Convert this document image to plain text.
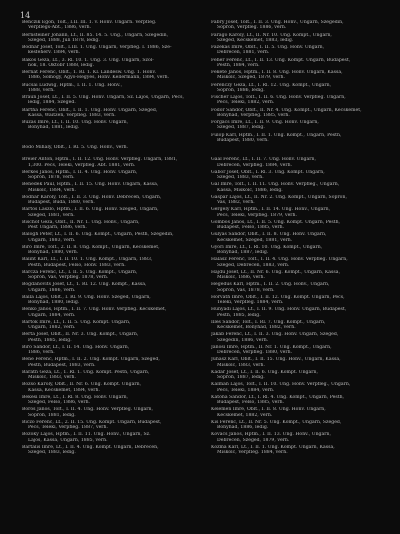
14
Benczik Egon, Tolt., I.II. III. 1. v. Honv. Ungarn. Verpfleg.
Verpflegs-Abt., 1886, verh.
Bernsteiner Johann, Lt., II. 85. 14. 5. Ung., Ungarn, Szegedin,
Szeged, 1888, Juli 1878, ledig.
Bodnár Josef, Tolt., I.III. 1. Ung. Ungarn, Verpfleg. I. 1886, Sze-
kesfeherv. 1884, verh.
Bakos Géza, Lt., 3. Rl. 10. 1. Ung. 3. Ung. Ungarn, Szol-
nok, 18. Oktobr 1888, ledig.
Bernat Ferenc, Oblt., 1. Rl. 1. Kl. Landesw. Ung. 1. Honv.
1886, Somogy, Agyo-Hegyes, Honv. Kellermann, 1884, verh.
Bucsai Ludwig, Hptm., I. II. 1. Ung. Honv.,
1888, verh.
Braun Josef, Lt., I. II. 5. Ung. Honv. Ungarn, Sz. Lajos, Ungarn, Pecs,
ledig, 1884, Szeged.
Bartha Ferenc, Oblt., I. II. 1. Ung. Honv. Ungarn, Szeged,
Kassa, Waitzen, Verpfleg. 1883, verh.
Buzás Imre, Lt., I. II. 10. Ung. Honv. Ungarn,
Bonyhad, 1881, ledig.
Bodó Mihály, Oblt., I. Rl. 5. Ung. Honv., verh.
Breier Anton, Hptm., I. II. 12. Ung. Honv. Verpfleg. Ungarn, 1881,
1,300. Pecs, Teleki, Verpfleg. Abt. 1881, verh.
Berkes János, Hptm., I. II. 4. Ung. Honv. Ungarn,
Sopron, 1878, verh.
Benedek Paul, Hptm., I. II. 15. Ung. Honv. Ungarn, Kassa,
Miskolc, 1884, verh.
Bodnár Károly, Tolt., I. II. 3. Ung. Honv. Debrecen, Ungarn,
Budapest, Buda, 1880, verh.
Bartos László, Hptm., I. II. 6. Ung. Honv. Szeged, Ungarn,
Szeged, 1881, verh.
Bischof Geza, Oblt., II. Nr. 1. Ung. Honv., Ungarn,
Pest Ungarn, 1886, verh.
Balogh Peter, Lt., I. II. 6. Ung. Kompt., Ungarn, Pesth, Szegedin,
Ungarn, 1883, verh.
Biro Imre, Tolt., 2. II. 8. Ung. Kompt., Ungarn, Kecskemet,
Bonyhad, 1880, verh.
Bálint Karl, Lt., I. II. 10. 1. Ung. Kompt., Ungarn, 1883,
Pesth, Budapest, Felso, Honv. 1883, verh.
Barcza Ferenc, Lt., I. II. 5. Ung. Kompt., Ungarn,
Sopron, Vas, Verpfleg. 1878, verh.
Bogdanovits Josef, Lt., 1. Rl. 12. Ung. Kompt., Kassa,
Ungarn, 1886, verh.
Balla Lajos, Oblt., I. Rl. 9. Ung. Honv. Szeged, Ungarn,
Bonyhad, 1880, ledig.
Benkö Janos, Hptm., I. II. 7. Ung. Honv. Verpfleg. Kecskemet,
Ungarn, 1884, verh.
Bartók Imre, Lt., I. II. 5. Ung. Kompt. Ungarn,
Ungarn, 1882, verh.
Berta Josef, Oblt., II. Nr. 3. Ung. Kompt., Ungarn,
Pesth, 1885, ledig.
Bíró Sándor, Lt., I. II. 14. Ung. Honv. Ungarn,
1886, verh.
Bene Ferenc, Hptm., I. II. 2. Ung. Kompt. Ungarn, Szeged,
Pesth, Budapest, 1883, verh.
Baráth Geza, Lt., 1. Rl. 1. Ung. Kompt. Pesth, Ungarn,
Miskolc, 1883, verh.
Bozsó Károly, Oblt., II. Nr. 6. Ung. Kompt. Ungarn,
Kassa, Kecskemet, 1884, verh.
Békési Imre, Lt., I. Rl. 8. Ung. Honv. Ungarn,
Szeged, Felso, 1886, verh.
Boros Janos, Tolt., I. II. 4. Ung. Honv. Verpfleg. Ungarn,
Sopron, 1881, ledig.
Biczó Ferenc, Lt., 2. II. 15. Ung. Kompt. Ungarn, Budapest,
Pecs, Teleki, Verpfleg. 1887, verh.
Bozóky Lajos, Hptm., I. II. 11. Ung. Honv., Ungarn, Sz.
Lajos, Kassa, Ungarn, 1885, verh.
Bartalis Imre, Lt., I. II. 4. Ung. Kompt. Ungarn, Debrecen,
Szeged, 1883, ledig.
Fábry Josef, Tolt., I. II. 3. Ung. Honv., Ungarn, Szegedin,
Sopron, Verpfleg. 1886, verh.
Faragó Károly, Lt., II. Nr. 10. Ung. Kompt., Ungarn,
Szeged, Kecskemet, 1883, ledig.
Fazekas Imre, Oblt., I. II. 5. Ung. Honv. Ungarn,
Debrecen, 1881, verh.
Fehér Ferenc, Lt., I. II. 13. Ung. Kompt. Ungarn, Budapest,
Pesth, 1884, verh.
Fekete János, Hptm., I. II. 8. Ung. Honv. Ungarn, Kassa,
Miskolc, Szeged, 1879, verh.
Ferenczy Géza, Lt., I. Rl. 12. Ung. Kompt., Ungarn,
Sopron, 1886, ledig.
Fischer Lajos, Tolt., I. II. 6. Ung. Honv. Verpfleg. Ungarn,
Pecs, Teleki, 1882, verh.
Fodor Sándor, Oblt., II. Nr. 4. Ung. Kompt., Ungarn, Kecskemet,
Bonyhad, Verpfleg. 1885, verh.
Forgács Imre, Lt., I. II. 9. Ung. Honv. Ungarn,
Szeged, 1887, ledig.
Fülöp Karl, Hptm., I. II. 1. Ung. Kompt., Ungarn, Pesth,
Budapest, 1880, verh.
Gaál Ferenc, Lt., I. II. 7. Ung. Honv. Ungarn,
Debrecen, Verpfleg. 1884, verh.
Gábor Josef, Oblt., I. Rl. 3. Ung. Kompt. Ungarn,
Szeged, 1883, verh.
Gál Imre, Tolt., I. II. 11. Ung. Honv. Verpfleg., Ungarn,
Kassa, Miskolc, 1886, ledig.
Gáspár Lajos, Lt., II. Nr. 2. Ung. Kompt., Ungarn, Sopron,
Vas, 1882, verh.
Gergely Karl, Hptm., I. II. 14. Ung. Honv., Ungarn,
Pecs, Teleki, Verpfleg. 1879, verh.
Gombos János, Lt., I. II. 5. Ung. Kompt. Ungarn, Pesth,
Budapest, Felso, 1885, verh.
Gulyás Sándor, Oblt., I. II. 8. Ung. Honv. Ungarn,
Kecskemet, Szeged, 1881, verh.
Győri Imre, Lt., I. Rl. 10. Ung. Kompt., Ungarn,
Bonyhad, 1887, ledig.
Halász Ferenc, Tolt., I. II. 4. Ung. Honv. Verpfleg. Ungarn,
Szeged, Debrecen, 1883, verh.
Hajdu Josef, Lt., II. Nr. 6. Ung. Kompt., Ungarn, Kassa,
Miskolc, 1886, verh.
Hegedüs Karl, Hptm., I. II. 2. Ung. Honv., Ungarn,
Sopron, Vas, 1878, verh.
Horváth Imre, Oblt., I. II. 12. Ung. Kompt. Ungarn, Pecs,
Teleki, Verpfleg. 1884, verh.
Hunyadi Lajos, Lt., I. II. 9. Ung. Honv. Ungarn, Budapest,
Pesth, 1885, ledig.
Illés Sándor, Tolt., I. Rl. 7. Ung. Kompt., Ungarn,
Kecskemet, Bonyhad, 1882, verh.
Jakab Ferenc, Lt., I. II. 3. Ung. Honv. Ungarn, Szeged,
Szegedin, 1886, verh.
Jánosi Imre, Hptm., II. Nr. 1. Ung. Kompt., Ungarn,
Debrecen, Verpfleg. 1880, verh.
Juhász Karl, Oblt., I. II. 15. Ung. Honv., Ungarn, Kassa,
Miskolc, 1883, verh.
Kádár Josef, Lt., I. II. 6. Ung. Kompt. Ungarn,
Sopron, 1887, ledig.
Kálmán Lajos, Tolt., I. II. 10. Ung. Honv. Verpfleg., Ungarn,
Pecs, Teleki, 1884, verh.
Katona Sándor, Lt., I. Rl. 4. Ung. Kompt., Ungarn, Pesth,
Budapest, Felso, 1885, verh.
Kelemen Imre, Oblt., I. II. 8. Ung. Honv. Ungarn,
Kecskemet, 1882, verh.
Kis Ferenc, Lt., II. Nr. 5. Ung. Kompt., Ungarn, Szeged,
Bonyhad, 1886, ledig.
Kovács János, Hptm., I. II. 13. Ung. Honv., Ungarn,
Debrecen, Szeged, 1879, verh.
Kozma Karl, Lt., I. II. 1. Ung. Kompt. Ungarn, Kassa,
Miskolc, Verpfleg. 1884, verh.
